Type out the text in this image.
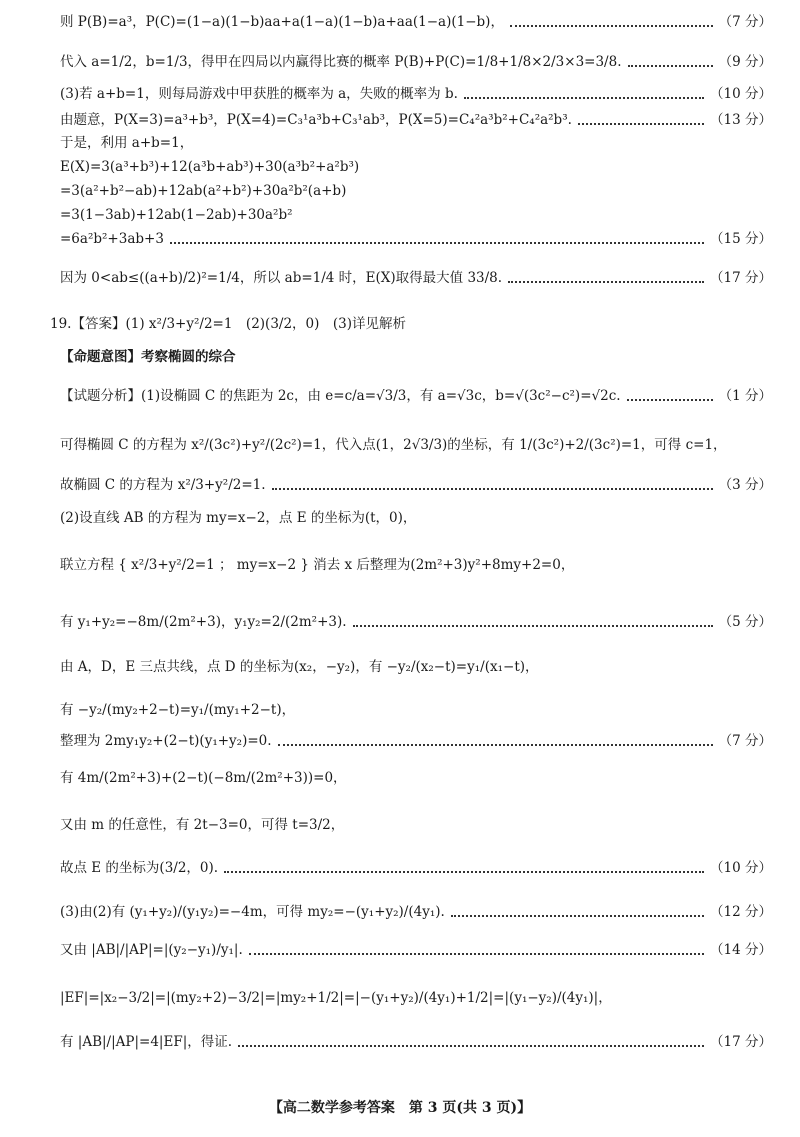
则 P(B)=a³，P(C)=(1−a)(1−b)aa+a(1−a)(1−b)a+aa(1−a)(1−b)，	（7 分）
代入 a=1/2，b=1/3，得甲在四局以内赢得比赛的概率 P(B)+P(C)=1/8+1/8×2/3×3=3/8.	（9 分）
(3)若 a+b=1，则每局游戏中甲获胜的概率为 a，失败的概率为 b.	（10 分）
由题意，P(X=3)=a³+b³，P(X=4)=C₃¹a³b+C₃¹ab³，P(X=5)=C₄²a³b²+C₄²a²b³.	（13 分）
于是，利用 a+b=1，
E(X)=3(a³+b³)+12(a³b+ab³)+30(a³b²+a²b³)
=3(a²+b²−ab)+12ab(a²+b²)+30a²b²(a+b)
=3(1−3ab)+12ab(1−2ab)+30a²b²
=6a²b²+3ab+3	（15 分）
因为 0<ab≤((a+b)/2)²=1/4，所以 ab=1/4 时，E(X)取得最大值 33/8.	（17 分）
19.【答案】(1) x²/3+y²/2=1　(2)(3/2，0)　(3)详见解析
【命题意图】考察椭圆的综合
【试题分析】(1)设椭圆 C 的焦距为 2c，由 e=c/a=√3/3，有 a=√3c，b=√(3c²−c²)=√2c.	（1 分）
可得椭圆 C 的方程为 x²/(3c²)+y²/(2c²)=1，代入点(1，2√3/3)的坐标，有 1/(3c²)+2/(3c²)=1，可得 c=1，
故椭圆 C 的方程为 x²/3+y²/2=1.	（3 分）
(2)设直线 AB 的方程为 my=x−2，点 E 的坐标为(t，0)，
联立方程 { x²/3+y²/2=1 ； my=x−2 } 消去 x 后整理为(2m²+3)y²+8my+2=0，
有 y₁+y₂=−8m/(2m²+3)，y₁y₂=2/(2m²+3).	（5 分）
由 A，D，E 三点共线，点 D 的坐标为(x₂，−y₂)，有 −y₂/(x₂−t)=y₁/(x₁−t)，
有 −y₂/(my₂+2−t)=y₁/(my₁+2−t)，
整理为 2my₁y₂+(2−t)(y₁+y₂)=0.	（7 分）
有 4m/(2m²+3)+(2−t)(−8m/(2m²+3))=0，
又由 m 的任意性，有 2t−3=0，可得 t=3/2，
故点 E 的坐标为(3/2，0).	（10 分）
(3)由(2)有 (y₁+y₂)/(y₁y₂)=−4m，可得 my₂=−(y₁+y₂)/(4y₁).	（12 分）
又由 |AB|/|AP|=|(y₂−y₁)/y₁|.	（14 分）
|EF|=|x₂−3/2|=|(my₂+2)−3/2|=|my₂+1/2|=|−(y₁+y₂)/(4y₁)+1/2|=|(y₁−y₂)/(4y₁)|，
有 |AB|/|AP|=4|EF|，得证.	（17 分）
【高二数学参考答案　第 3 页(共 3 页)】
